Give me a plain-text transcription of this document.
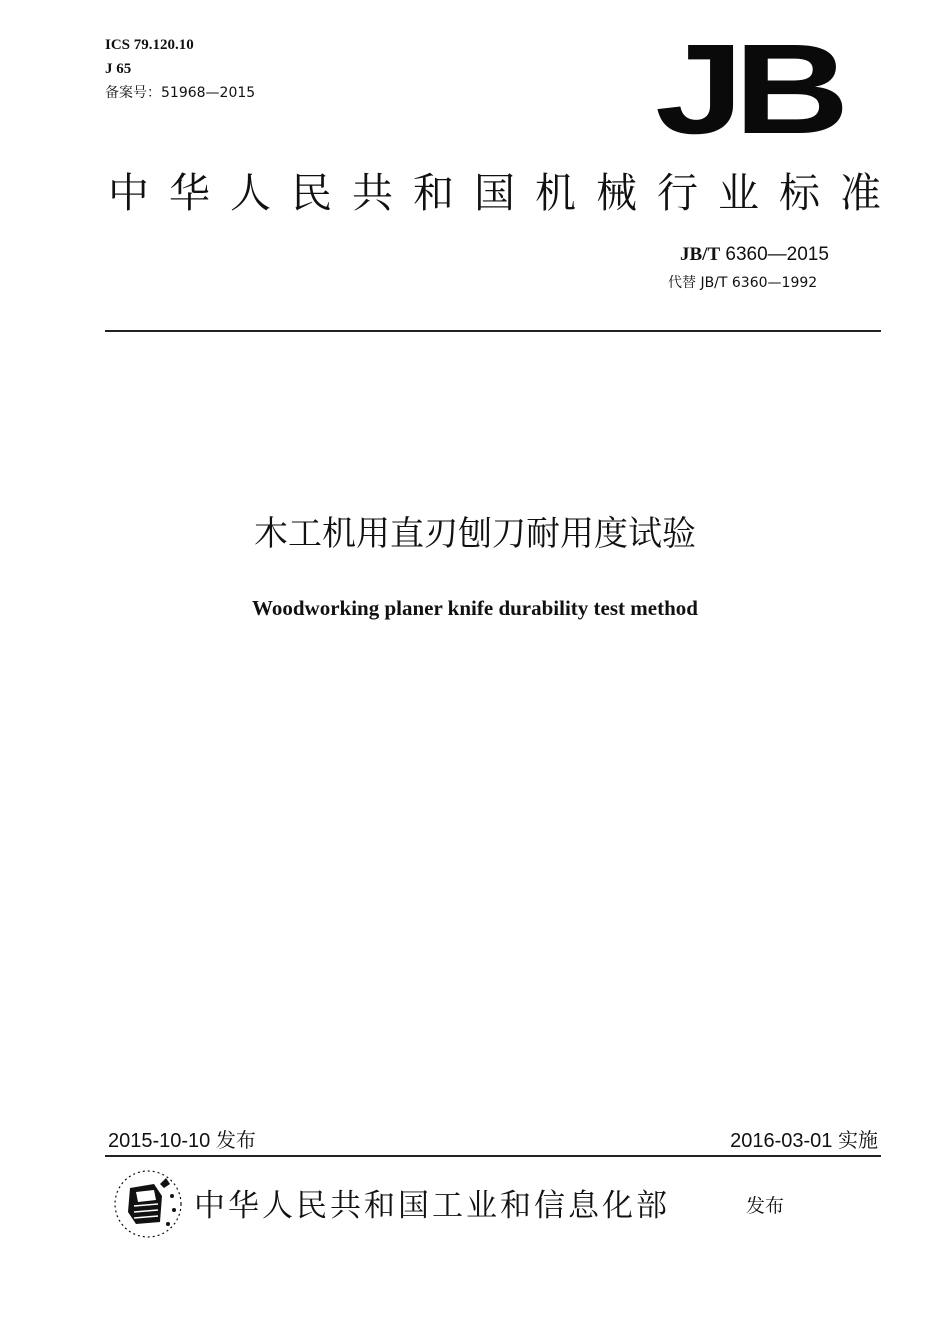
ICS 79.120.10
J 65
备案号：51968—2015	JB
中华人民共和国机械行业标准
JB/T 6360—2015
代替 JB/T 6360—1992
木工机用直刃刨刀耐用度试验
Woodworking planer knife durability test method
2015-10-10 发布	2016-03-01 实施
中华人民共和国工业和信息化部	发布
